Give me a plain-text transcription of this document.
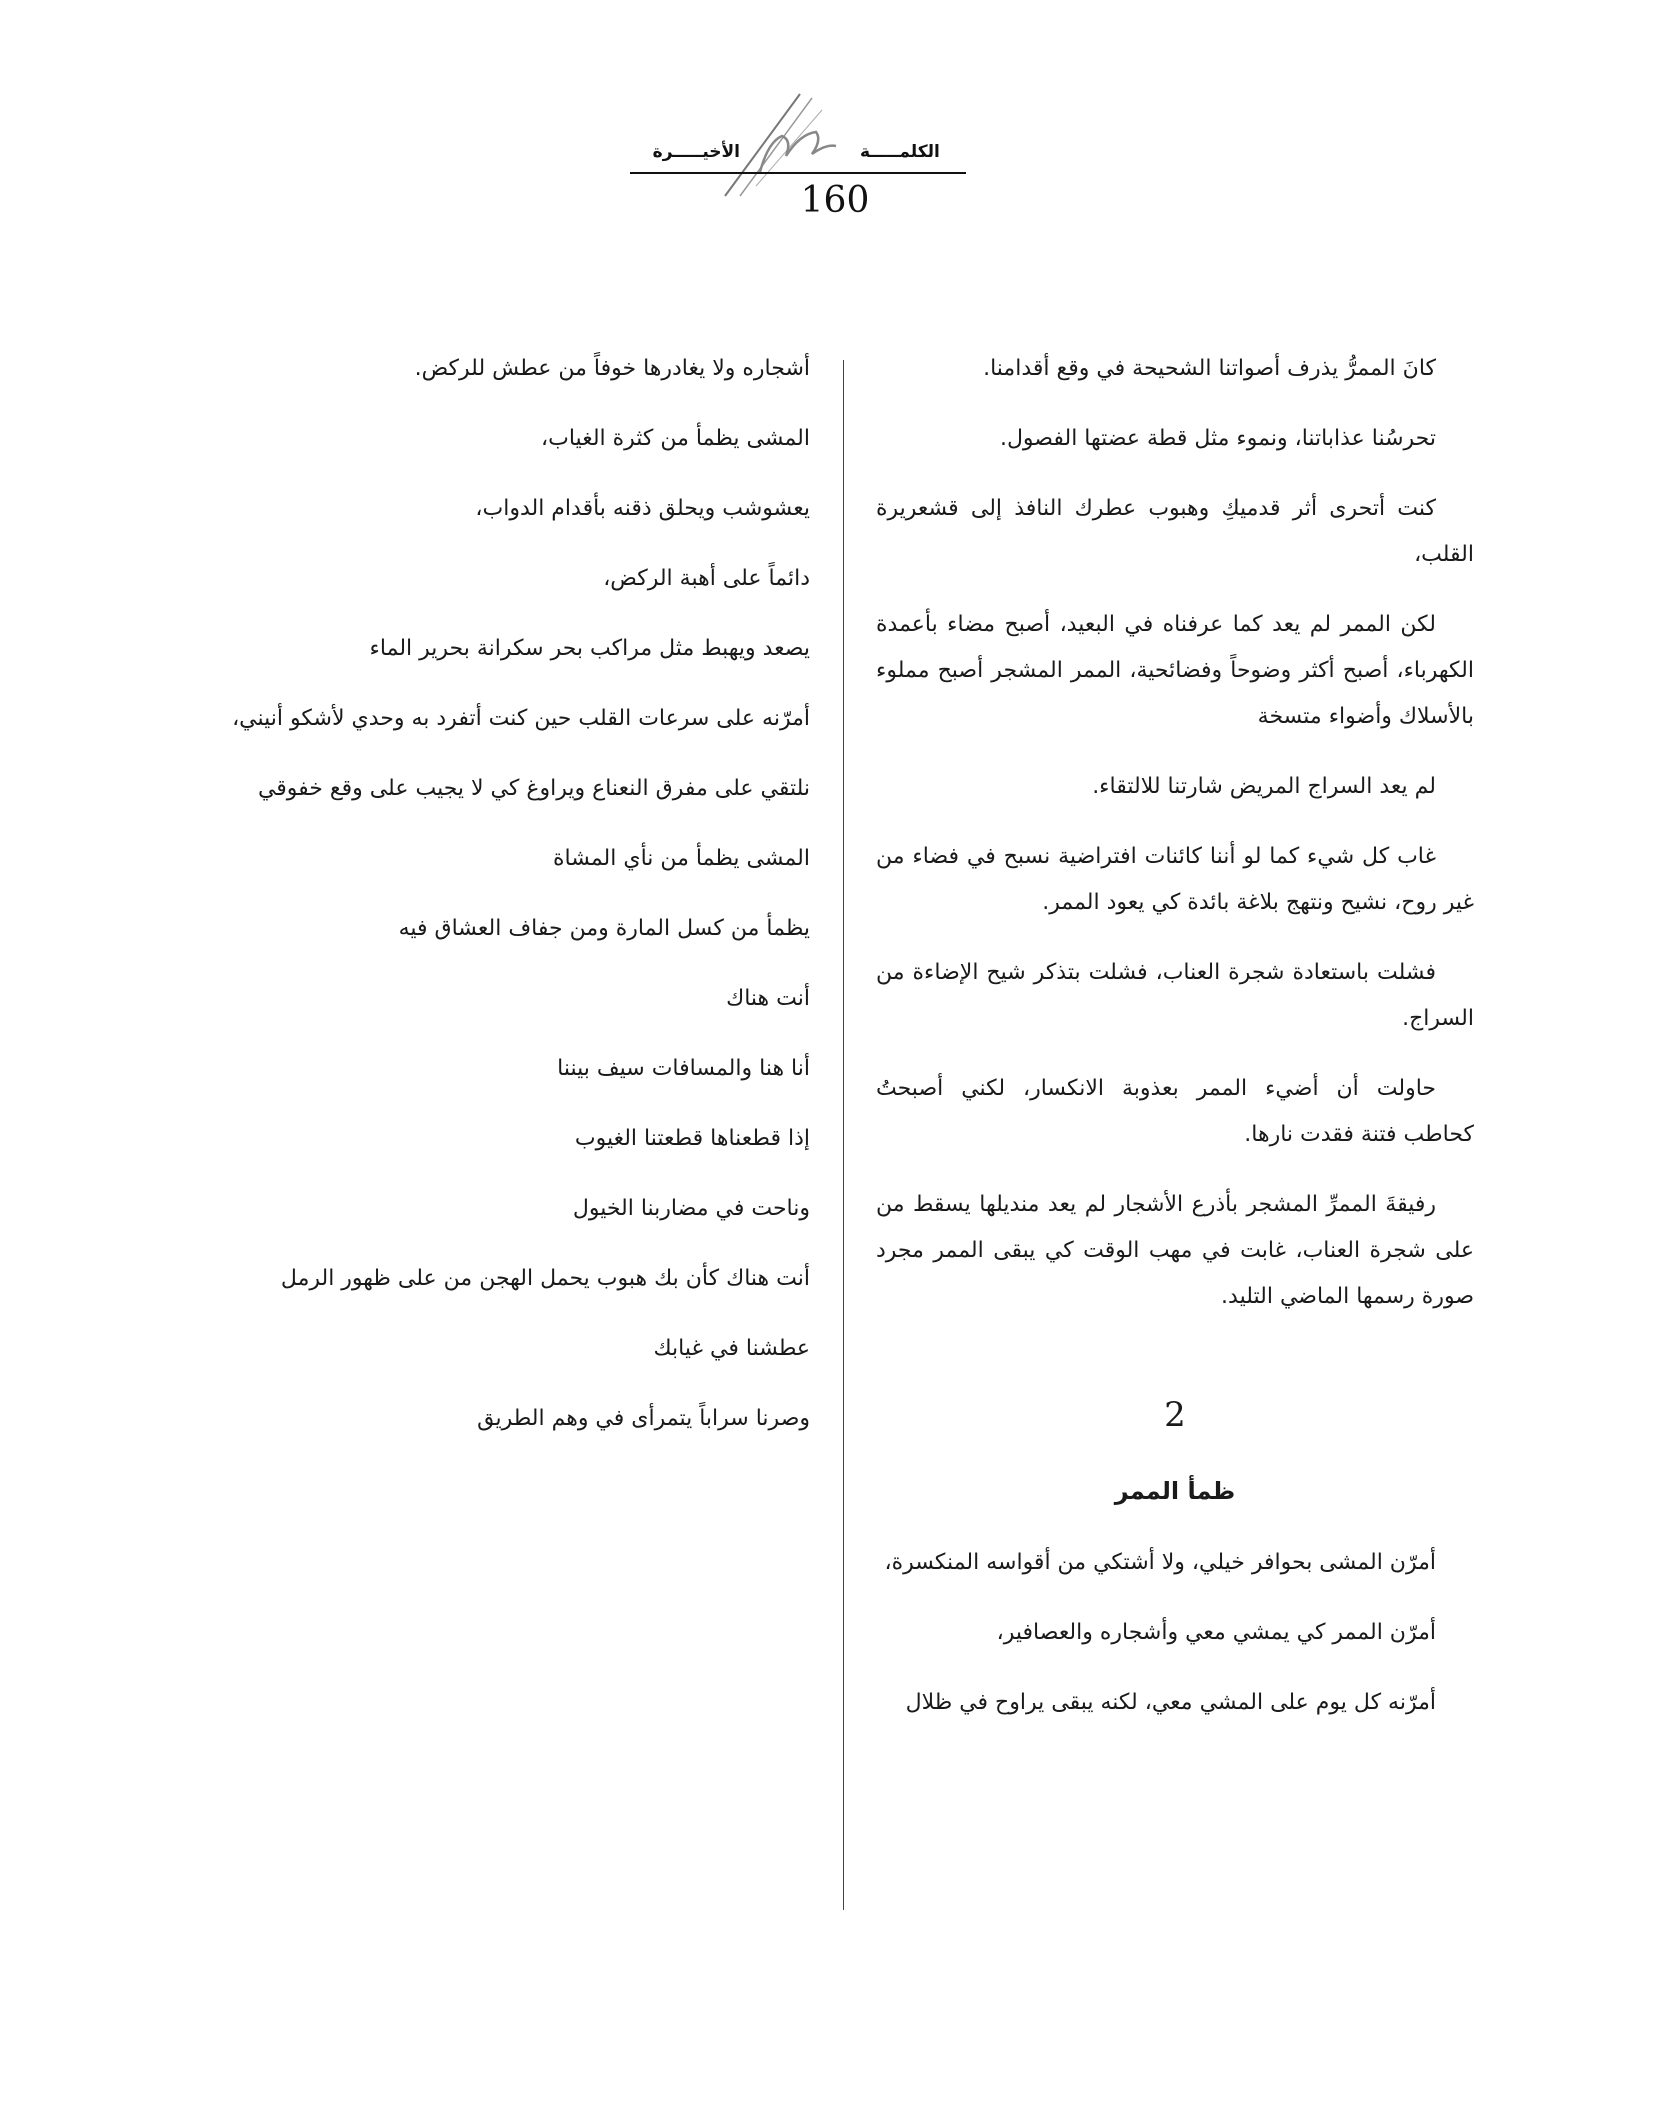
الكلمـــــة
الأخيـــــرة
160

كانَ الممرُّ يذرف أصواتنا الشحيحة في وقع أقدامنا.

تحرسُنا عذاباتنا، ونموء مثل قطة عضتها الفصول.

كنت أتحرى أثر قدميكِ وهبوب عطرك النافذ إلى قشعريرة القلب،

لكن الممر لم يعد كما عرفناه في البعيد، أصبح مضاء بأعمدة الكهرباء، أصبح أكثر وضوحاً وفضائحية، الممر المشجر أصبح مملوء بالأسلاك وأضواء متسخة

لم يعد السراج المريض شارتنا للالتقاء.

غاب كل شيء كما لو أننا كائنات افتراضية نسبح في فضاء من غير روح، نشيح ونتهج بلاغة بائدة كي يعود الممر.

فشلت باستعادة شجرة العناب، فشلت بتذكر شيح الإضاءة من السراج.

حاولت أن أضيء الممر بعذوبة الانكسار، لكني أصبحتُ كحاطب فتنة فقدت نارها.

رفيقةَ الممرِّ المشجر بأذرع الأشجار لم يعد منديلها يسقط من على شجرة العناب، غابت في مهب الوقت كي يبقى الممر مجرد صورة رسمها الماضي التليد.

2
ظمأ الممر

أمرّن المشى بحوافر خيلي، ولا أشتكي من أقواسه المنكسرة،

أمرّن الممر كي يمشي معي وأشجاره والعصافير،

أمرّنه كل يوم على المشي معي، لكنه يبقى يراوح في ظلال

أشجاره ولا يغادرها خوفاً من عطش للركض.
المشى يظمأ من كثرة الغياب،
يعشوشب ويحلق ذقنه بأقدام الدواب،
دائماً على أهبة الركض،
يصعد ويهبط مثل مراكب بحر سكرانة بحرير الماء
أمرّنه على سرعات القلب حين كنت أتفرد به وحدي لأشكو أنيني،
نلتقي على مفرق النعناع ويراوغ كي لا يجيب على وقع خفوقي
المشى يظمأ من نأي المشاة
يظمأ من كسل المارة ومن جفاف العشاق فيه
أنت هناك
أنا هنا والمسافات سيف بيننا
إذا قطعناها قطعتنا الغيوب
وناحت في مضاربنا الخيول
أنت هناك كأن بك هبوب يحمل الهجن من على ظهور الرمل
عطشنا في غيابك
وصرنا سراباً يتمرأى في وهم الطريق
